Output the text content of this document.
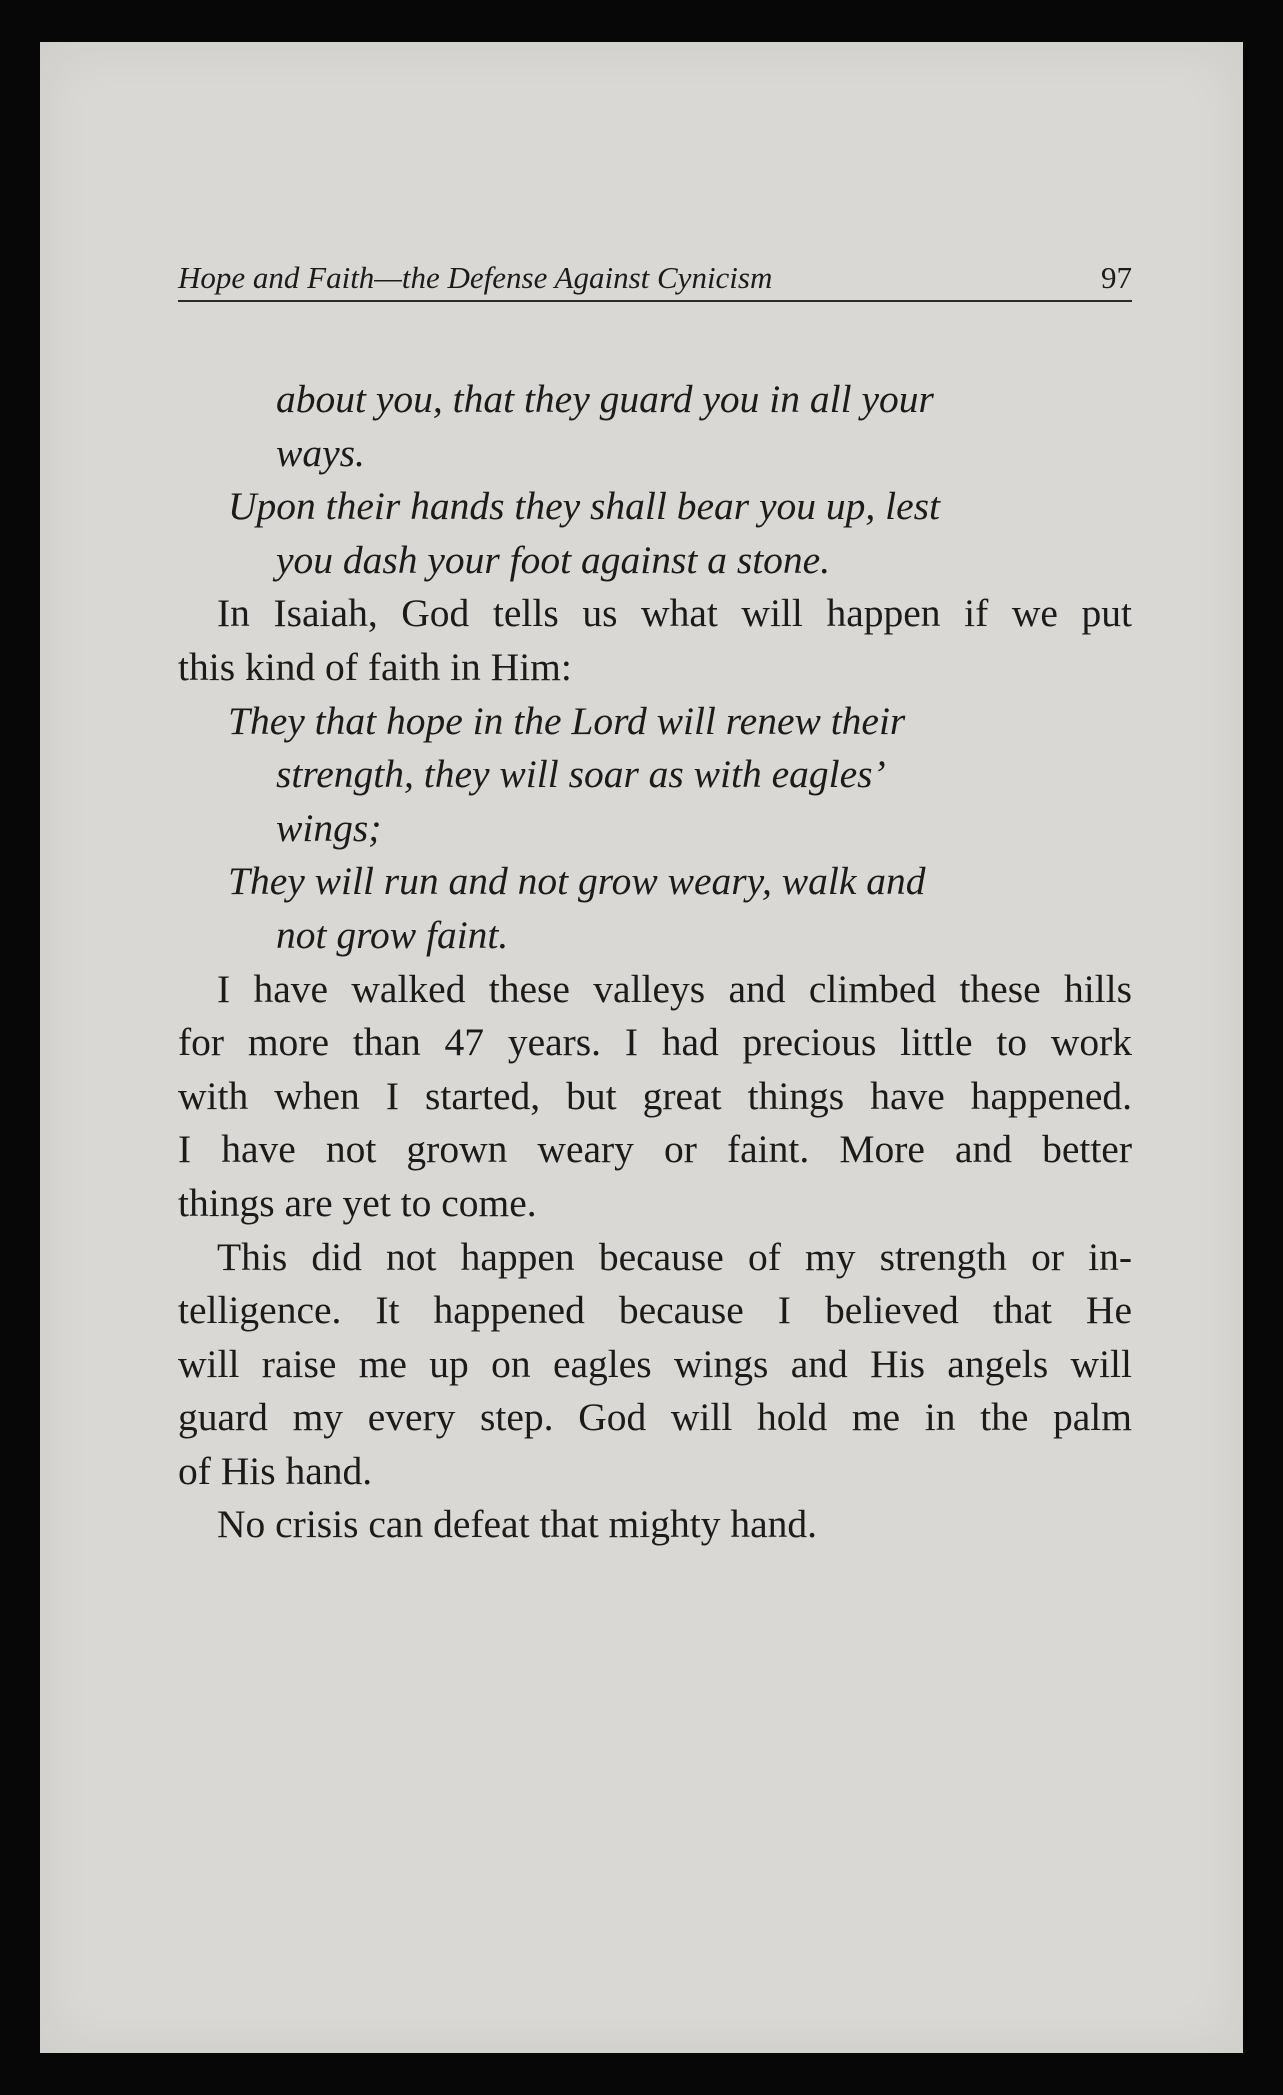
Hope and Faith—the Defense Against Cynicism	97
about you, that they guard you in all your
ways.
Upon their hands they shall bear you up, lest
you dash your foot against a stone.
In Isaiah, God tells us what will happen if we put
this kind of faith in Him:
They that hope in the Lord will renew their
strength, they will soar as with eagles’
wings;
They will run and not grow weary, walk and
not grow faint.
I have walked these valleys and climbed these hills
for more than 47 years. I had precious little to work
with when I started, but great things have happened.
I have not grown weary or faint. More and better
things are yet to come.
This did not happen because of my strength or in-
telligence. It happened because I believed that He
will raise me up on eagles wings and His angels will
guard my every step. God will hold me in the palm
of His hand.
No crisis can defeat that mighty hand.
